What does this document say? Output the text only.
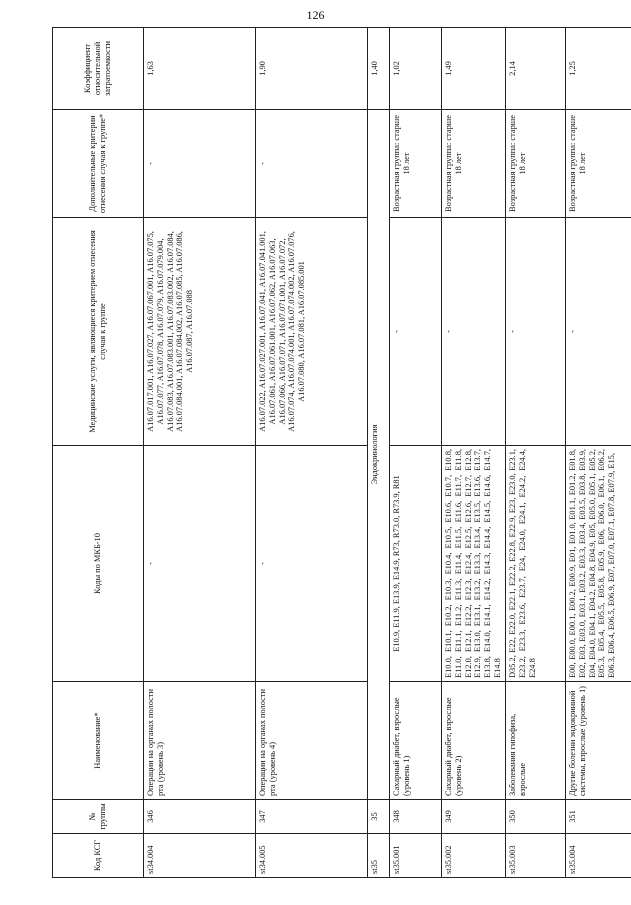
126
Код КСГ	№ группы	Наименование*	Коды по МКБ-10	Медицинские услуги, являющиеся критерием отнесения случая к группе	Дополнительные критерии отнесения случая к группе*	Коэффициент относительной затратоемкости
st34.004	346	Операции на органах полости рта (уровень 3)	-	A16.07.017.001, A16.07.027, A16.07.067.001, A16.07.075, A16.07.077, A16.07.078, A16.07.079, A16.07.079.004, A16.07.083, A16.07.083.001, A16.07.083.002, A16.07.084, A16.07.084.001, A16.07.084.002, A16.07.085, A16.07.086, A16.07.087, A16.07.088	-	1,63
st34.005	347	Операции на органах полости рта (уровень 4)	-	A16.07.022, A16.07.027.001, A16.07.041, A16.07.041.001, A16.07.061, A16.07.061.001, A16.07.062, A16.07.063, A16.07.066, A16.07.071, A16.07.071.001, A16.07.072, A16.07.074, A16.07.074.001, A16.07.074.002, A16.07.076, A16.07.080, A16.07.081, A16.07.085.001	-	1,90
st35	35	Эндокринология				1,40
st35.001	348	Сахарный диабет, взрослые (уровень 1)	E10.9, E11.9, E13.9, E14.9, R73, R73.0, R73.9, R81	-	Возрастная группа: старше 18 лет	1,02
st35.002	349	Сахарный диабет, взрослые (уровень 2)	E10.0, E10.1, E10.2, E10.3, E10.4, E10.5, E10.6, E10.7, E10.8, E11.0, E11.1, E11.2, E11.3, E11.4, E11.5, E11.6, E11.7, E11.8, E12.0, E12.1, E12.2, E12.3, E12.4, E12.5, E12.6, E12.7, E12.8, E12.9, E13.0, E13.1, E13.2, E13.3, E13.4, E13.5, E13.6, E13.7, E13.8, E14.0, E14.1, E14.2, E14.3, E14.4, E14.5, E14.6, E14.7, E14.8	-	Возрастная группа: старше 18 лет	1,49
st35.003	350	Заболевания гипофиза, взрослые	D35.2, E22, E22.0, E22.1, E22.2, E22.8, E22.9, E23, E23.0, E23.1, E23.2, E23.3, E23.6, E23.7, E24, E24.0, E24.1, E24.2, E24.4, E24.8	-	Возрастная группа: старше 18 лет	2,14
st35.004	351	Другие болезни эндокринной системы, взрослые (уровень 1)	E00, E00.0, E00.1, E00.2, E00.9, E01, E01.0, E01.1, E01.2, E01.8, E02, E03, E03.0, E03.1, E03.2, E03.3, E03.4, E03.5, E03.8, E03.9, E04, E04.0, E04.1, E04.2, E04.8, E04.9, E05, E05.0, E05.1, E05.2, E05.3, E05.4, E05.5, E05.8, E05.9, E06, E06.0, E06.1, E06.2, E06.3, E06.4, E06.5, E06.9, E07, E07.0, E07.1, E07.8, E07.9, E15,	-	Возрастная группа: старше 18 лет	1,25
